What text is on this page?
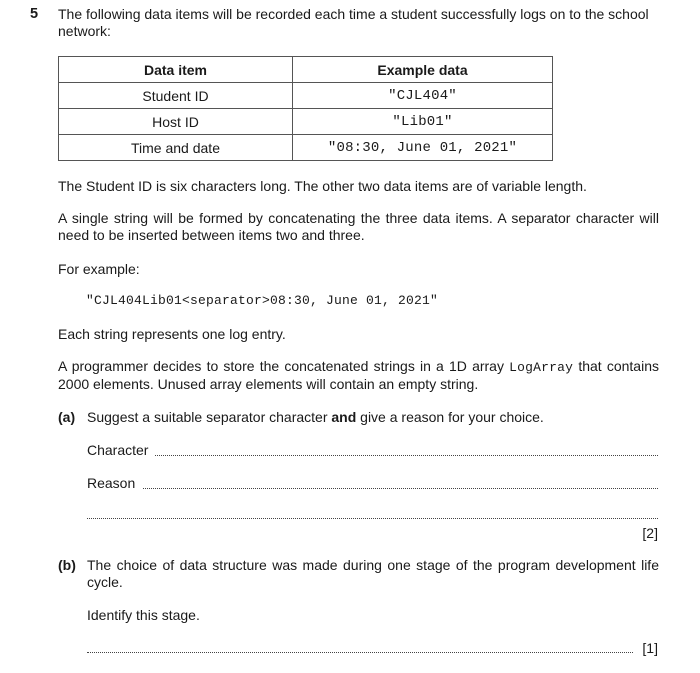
5 The following data items will be recorded each time a student successfully logs on to the school network:
Data item	Example data
Student ID	"CJL404"
Host ID	"Lib01"
Time and date	"08:30, June 01, 2021"
The Student ID is six characters long. The other two data items are of variable length.
A single string will be formed by concatenating the three data items. A separator character will need to be inserted between items two and three.
For example:
"CJL404Lib01<separator>08:30, June 01, 2021"
Each string represents one log entry.
A programmer decides to store the concatenated strings in a 1D array LogArray that contains 2000 elements. Unused array elements will contain an empty string.
(a) Suggest a suitable separator character and give a reason for your choice.
Character
Reason
[2]
(b) The choice of data structure was made during one stage of the program development life cycle.
Identify this stage.
[1]
